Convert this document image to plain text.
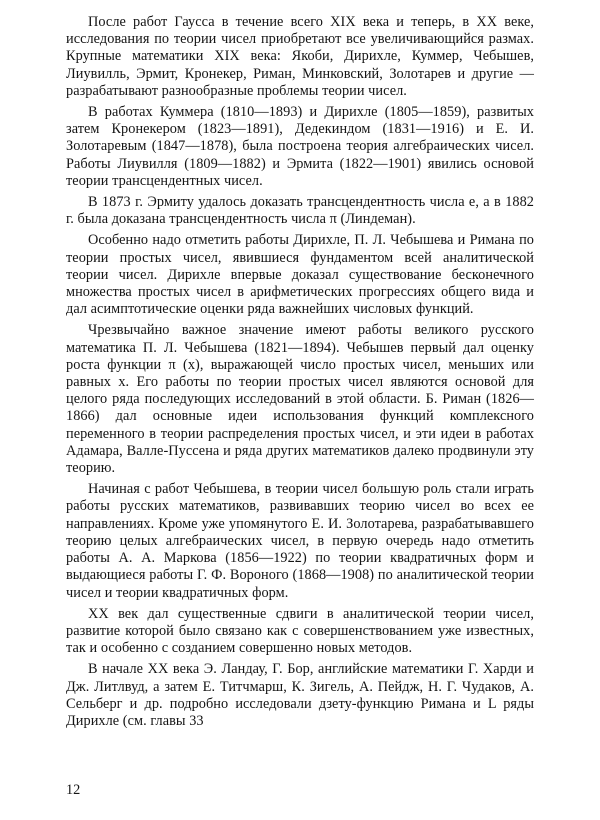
После работ Гаусса в течение всего XIX века и теперь, в XX веке, исследования по теории чисел приобретают все увеличивающийся размах. Крупные математики XIX века: Якоби, Дирихле, Куммер, Чебышев, Лиувилль, Эрмит, Кронекер, Риман, Минковский, Золотарев и другие — разрабатывают разнообразные проблемы теории чисел.

В работах Куммера (1810—1893) и Дирихле (1805—1859), развитых затем Кронекером (1823—1891), Дедекиндом (1831—1916) и Е. И. Золотаревым (1847—1878), была построена теория алгебраических чисел. Работы Лиувилля (1809—1882) и Эрмита (1822—1901) явились основой теории трансцендентных чисел.

В 1873 г. Эрмиту удалось доказать трансцендентность числа e, а в 1882 г. была доказана трансцендентность числа π (Линдеман).

Особенно надо отметить работы Дирихле, П. Л. Чебышева и Римана по теории простых чисел, явившиеся фундаментом всей аналитической теории чисел. Дирихле впервые доказал существование бесконечного множества простых чисел в арифметических прогрессиях общего вида и дал асимптотические оценки ряда важнейших числовых функций.

Чрезвычайно важное значение имеют работы великого русского математика П. Л. Чебышева (1821—1894). Чебышев первый дал оценку роста функции π (x), выражающей число простых чисел, меньших или равных x. Его работы по теории простых чисел являются основой для целого ряда последующих исследований в этой области. Б. Риман (1826—1866) дал основные идеи использования функций комплексного переменного в теории распределения простых чисел, и эти идеи в работах Адамара, Валле-Пуссена и ряда других математиков далеко продвинули эту теорию.

Начиная с работ Чебышева, в теории чисел большую роль стали играть работы русских математиков, развивавших теорию чисел во всех ее направлениях. Кроме уже упомянутого Е. И. Золотарева, разрабатывавшего теорию целых алгебраических чисел, в первую очередь надо отметить работы А. А. Маркова (1856—1922) по теории квадратичных форм и выдающиеся работы Г. Ф. Вороного (1868—1908) по аналитической теории чисел и теории квадратичных форм.

XX век дал существенные сдвиги в аналитической теории чисел, развитие которой было связано как с совершенствованием уже известных, так и особенно с созданием совершенно новых методов.

В начале XX века Э. Ландау, Г. Бор, английские математики Г. Харди и Дж. Литлвуд, а затем Е. Титчмарш, К. Зигель, А. Пейдж, Н. Г. Чудаков, А. Сельберг и др. подробно исследовали дзету-функцию Римана и L ряды Дирихле (см. главы 33

12
